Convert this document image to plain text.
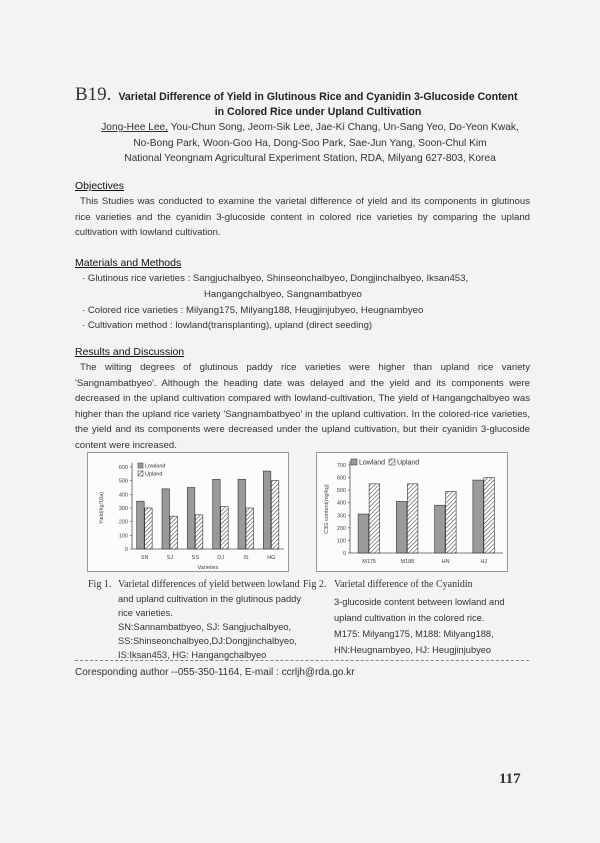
B19. Varietal Difference of Yield in Glutinous Rice and Cyanidin 3-Glucoside Content
in Colored Rice under Upland Cultivation
Jong-Hee Lee, You-Chun Song, Jeom-Sik Lee, Jae-Ki Chang, Un-Sang Yeo, Do-Yeon Kwak,
No-Bong Park, Woon-Goo Ha, Dong-Soo Park, Sae-Jun Yang, Soon-Chul Kim
National Yeongnam Agricultural Experiment Station, RDA, Milyang 627-803, Korea
Objectives
This Studies was conducted to examine the varietal difference of yield and its components in glutinous rice varieties and the cyanidin 3-glucoside content in colored rice varieties by comparing the upland cultivation with lowland cultivation.
Materials and Methods
· Glutinous rice varieties : Sangjuchalbyeo, Shinseonchalbyeo, Dongjinchalbyeo, Iksan453,
Hangangchalbyeo, Sangnambatbyeo
· Colored rice varieties : Milyang175, Milyang188, Heugjinjubyeo, Heugnambyeo
· Cultivation method : lowland(transplanting), upland (direct seeding)
Results and Discussion
The wilting degrees of glutinous paddy rice varieties were higher than upland rice variety 'Sangnambatbyeo'. Although the heading date was delayed and the yield and its components were decreased in the upland cultivation compared with lowland-cultivation, The yield of Hangangchalbyeo was higher than the upland rice variety 'Sangnambatbyeo' in the upland cultivation. In the colored-rice varieties, the yield and its components were decreased under the upland cultivation, but their cyanidin 3-glucoside content were increased.
0
100
200
300
400
500
600
Yield(kg/10a)
Varieties
SN	SJ	SS	DJ	IS	HG
Lowland
Upland
0
100
200
300
400
500
600
700
C3G content(mg/kg)
M175	M188	HN	HJ
Lowland Upland
Fig 1. Varietal differences of yield between lowland
and upland cultivation in the glutinous paddy
rice varieties.
SN:Sannambatbyeo, SJ: Sangjuchalbyeo,
SS:Shinseonchalbyeo,DJ:Dongjinchalbyeo,
IS:Iksan453, HG: Hangangchalbyeo
Fig 2. Varietal difference of the Cyanidin
3-glucoside content between lowland and
upland cultivation in the colored rice.
M175: Milyang175, M188: Milyang188,
HN:Heugnambyeo, HJ: Heugjinjubyeo
Coresponding author --055-350-1164, E-mail : ccrljh@rda.go.kr
117
